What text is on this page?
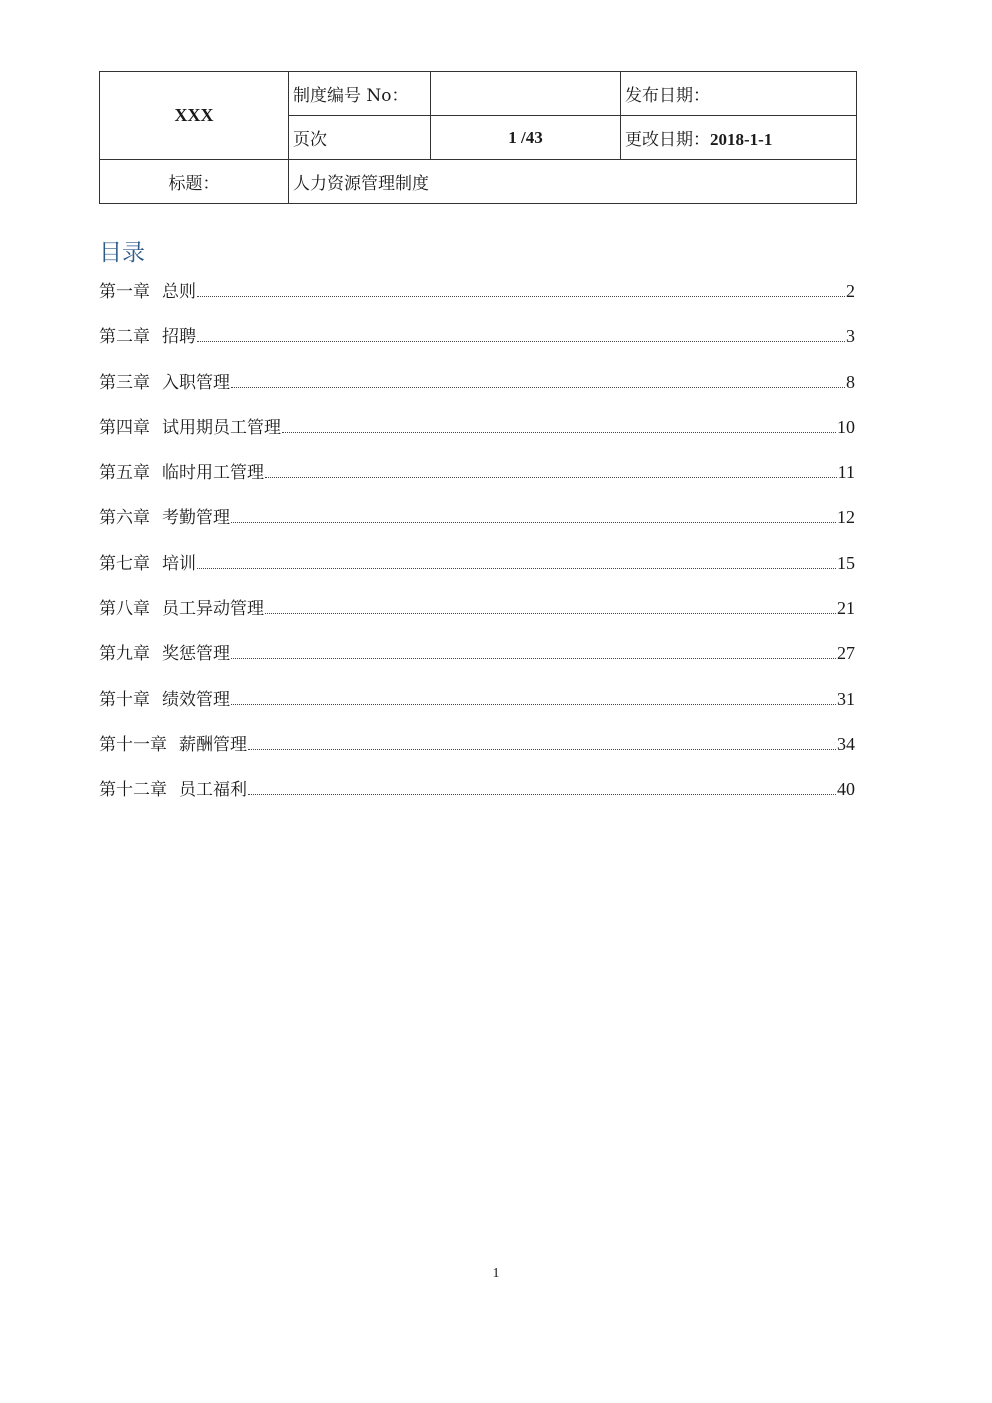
XXX	制度编号 No：		发布日期：
	页次	1 /43	更改日期：2018-1-1
标题：	人力资源管理制度		
目录
第一章 总则	2
第二章 招聘	3
第三章 入职管理	8
第四章 试用期员工管理	10
第五章 临时用工管理	11
第六章 考勤管理	12
第七章 培训	15
第八章 员工异动管理	21
第九章 奖惩管理	27
第十章 绩效管理	31
第十一章 薪酬管理	34
第十二章 员工福利	40
1
